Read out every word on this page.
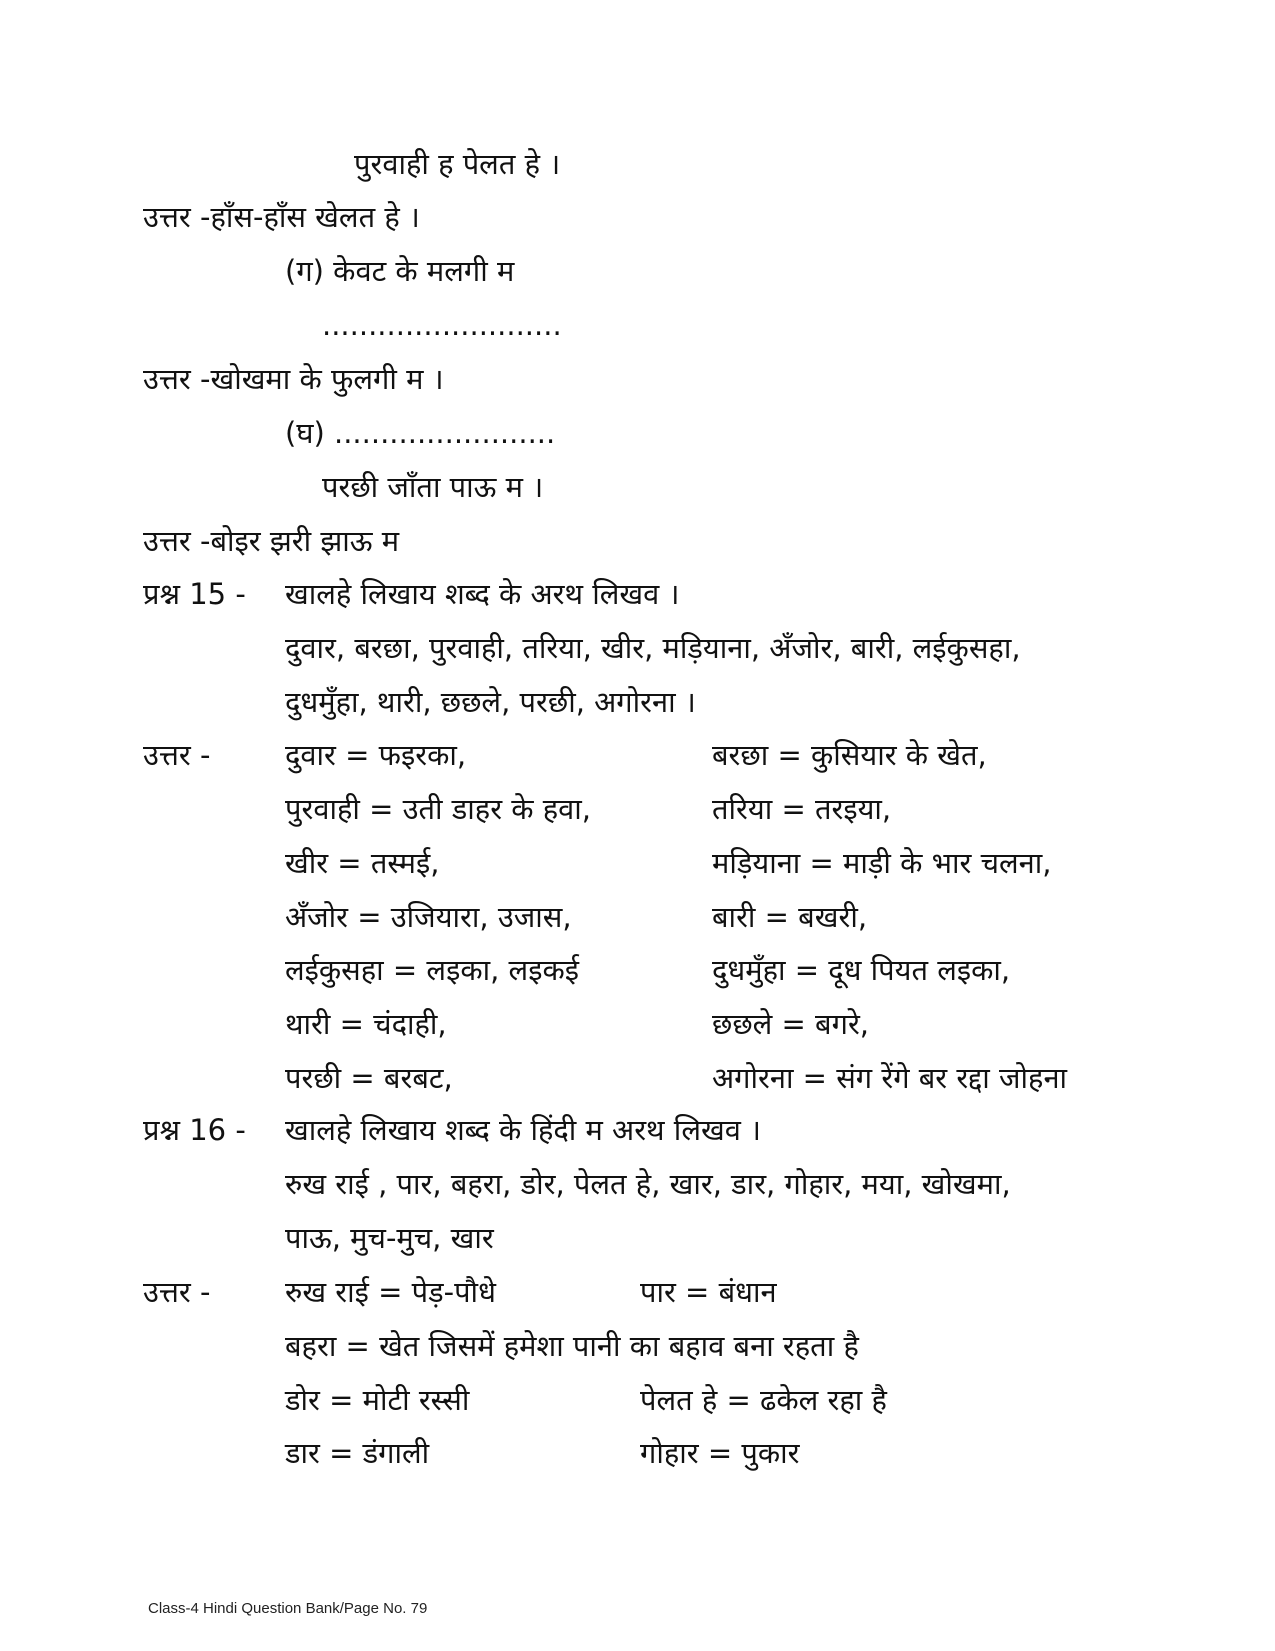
पुरवाही ह पेलत हे ।
उत्तर -हाँस-हाँस खेलत हे ।
(ग) केवट के मलगी म
..........................
उत्तर -खोखमा के फुलगी म ।
(घ) ........................
परछी जाँता पाऊ म ।
उत्तर -बोइर झरी झाऊ म
प्रश्न 15 - खालहे लिखाय शब्द के अरथ लिखव ।
दुवार, बरछा, पुरवाही, तरिया, खीर, मड़ियाना, अँजोर, बारी, लईकुसहा,
दुधमुँहा, थारी, छछले, परछी, अगोरना ।
उत्तर -	दुवार = फइरका,	बरछा = कुसियार के खेत,
पुरवाही = उती डाहर के हवा,	तरिया = तरइया,
खीर = तस्मई,	मड़ियाना = माड़ी के भार चलना,
अँजोर = उजियारा, उजास,	बारी = बखरी,
लईकुसहा = लइका, लइकई	दुधमुँहा = दूध पियत लइका,
थारी = चंदाही,	छछले = बगरे,
परछी = बरबट,	अगोरना = संग रेंगे बर रद्दा जोहना
प्रश्न 16 - खालहे लिखाय शब्द के हिंदी म अरथ लिखव ।
रुख राई , पार, बहरा, डोर, पेलत हे, खार, डार, गोहार, मया, खोखमा,
पाऊ, मुच-मुच, खार
उत्तर -	रुख राई = पेड़-पौधे	पार = बंधान
बहरा = खेत जिसमें हमेशा पानी का बहाव बना रहता है
डोर = मोटी रस्सी	पेलत हे = ढकेल रहा है
डार = डंगाली	गोहार = पुकार
Class-4 Hindi Question Bank/Page No. 79
